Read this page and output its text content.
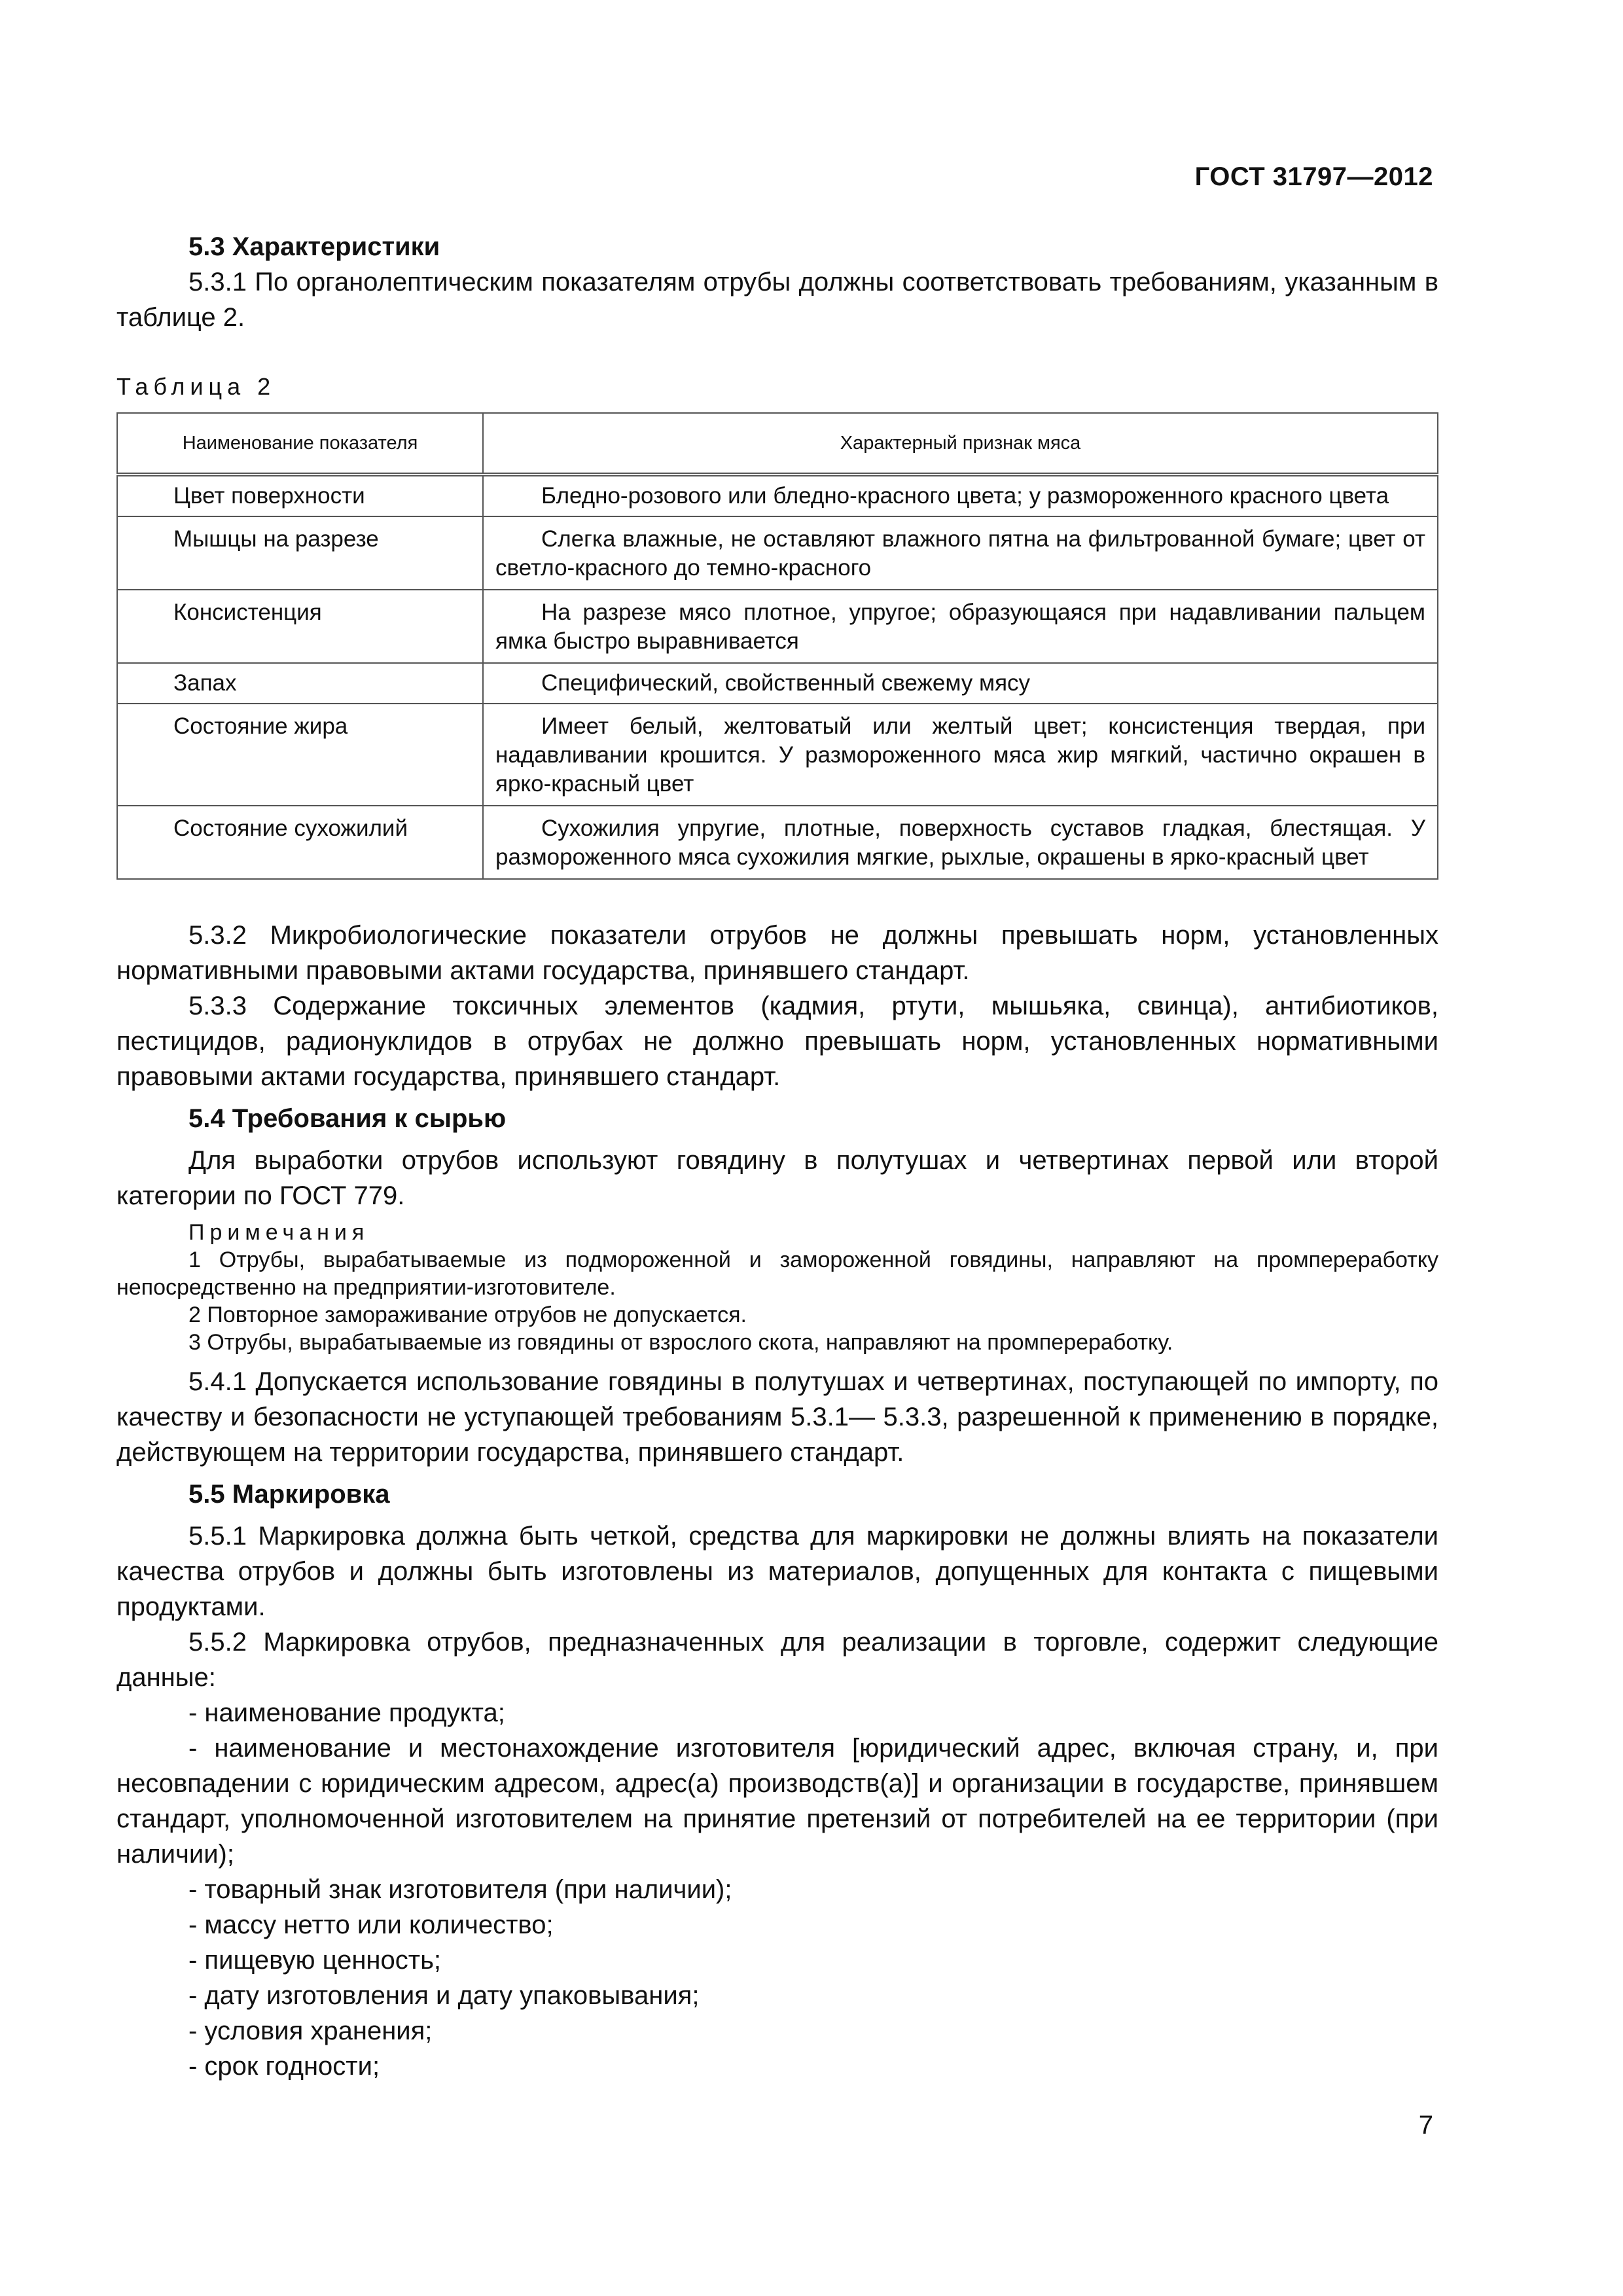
ГОСТ 31797—2012

5.3 Характеристики

5.3.1 По органолептическим показателям отрубы должны соответствовать требованиям, указанным в таблице 2.

Таблица 2
Наименование показателя	Характерный признак мяса
Цвет поверхности	Бледно-розового или бледно-красного цвета; у размороженного красного цвета
Мышцы на разрезе	Слегка влажные, не оставляют влажного пятна на фильтрованной бумаге; цвет от светло-красного до темно-красного
Консистенция	На разрезе мясо плотное, упругое; образующаяся при надавливании пальцем ямка быстро выравнивается
Запах	Специфический, свойственный свежему мясу
Состояние жира	Имеет белый, желтоватый или желтый цвет; консистенция твердая, при надавливании крошится. У размороженного мяса жир мягкий, частично окрашен в ярко-красный цвет
Состояние сухожилий	Сухожилия упругие, плотные, поверхность суставов гладкая, блестящая. У размороженного мяса сухожилия мягкие, рыхлые, окрашены в ярко-красный цвет

5.3.2 Микробиологические показатели отрубов не должны превышать норм, установленных нормативными правовыми актами государства, принявшего стандарт.

5.3.3 Содержание токсичных элементов (кадмия, ртути, мышьяка, свинца), антибиотиков, пестицидов, радионуклидов в отрубах не должно превышать норм, установленных нормативными правовыми актами государства, принявшего стандарт.

5.4 Требования к сырью

Для выработки отрубов используют говядину в полутушах и четвертинах первой или второй категории по ГОСТ 779.

Примечания

1 Отрубы, вырабатываемые из подмороженной и замороженной говядины, направляют на промпереработку непосредственно на предприятии-изготовителе.

2 Повторное замораживание отрубов не допускается.

3 Отрубы, вырабатываемые из говядины от взрослого скота, направляют на промпереработку.

5.4.1 Допускается использование говядины в полутушах и четвертинах, поступающей по импорту, по качеству и безопасности не уступающей требованиям 5.3.1— 5.3.3, разрешенной к применению в порядке, действующем на территории государства, принявшего стандарт.

5.5 Маркировка

5.5.1 Маркировка должна быть четкой, средства для маркировки не должны влиять на показатели качества отрубов и должны быть изготовлены из материалов, допущенных для контакта с пищевыми продуктами.

5.5.2 Маркировка отрубов, предназначенных для реализации в торговле, содержит следующие данные:

- наименование продукта;

- наименование и местонахождение изготовителя [юридический адрес, включая страну, и, при несовпадении с юридическим адресом, адрес(а) производств(а)] и организации в государстве, принявшем стандарт, уполномоченной изготовителем на принятие претензий от потребителей на ее территории (при наличии);

- товарный знак изготовителя (при наличии);

- массу нетто или количество;

- пищевую ценность;

- дату изготовления и дату упаковывания;

- условия хранения;

- срок годности;

7
